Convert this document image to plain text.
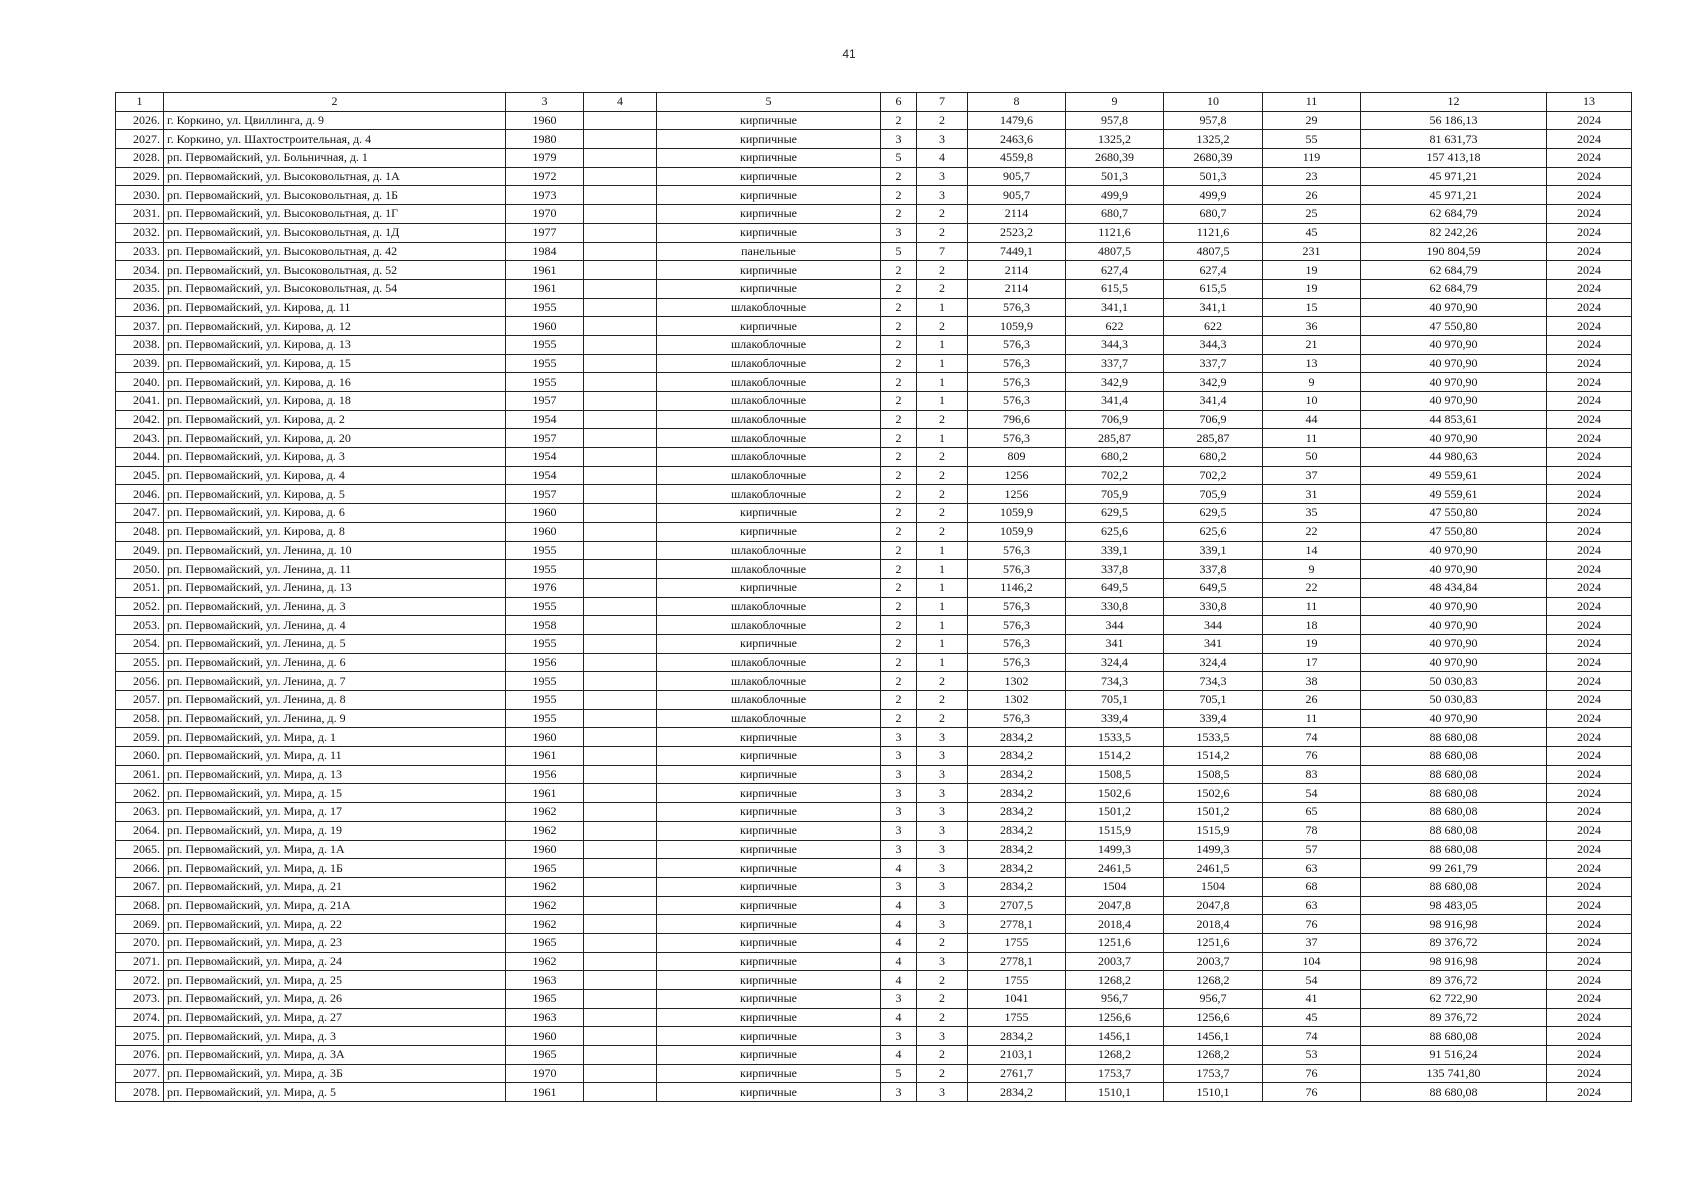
41
1	2	3	4	5	6	7	8	9	10	11	12	13
2026.	г. Коркино, ул. Цвиллинга, д. 9	1960		кирпичные	2	2	1479,6	957,8	957,8	29	56 186,13	2024
2027.	г. Коркино, ул. Шахтостроительная, д. 4	1980		кирпичные	3	3	2463,6	1325,2	1325,2	55	81 631,73	2024
2028.	рп. Первомайский, ул. Больничная, д. 1	1979		кирпичные	5	4	4559,8	2680,39	2680,39	119	157 413,18	2024
2029.	рп. Первомайский, ул. Высоковольтная, д. 1А	1972		кирпичные	2	3	905,7	501,3	501,3	23	45 971,21	2024
2030.	рп. Первомайский, ул. Высоковольтная, д. 1Б	1973		кирпичные	2	3	905,7	499,9	499,9	26	45 971,21	2024
2031.	рп. Первомайский, ул. Высоковольтная, д. 1Г	1970		кирпичные	2	2	2114	680,7	680,7	25	62 684,79	2024
2032.	рп. Первомайский, ул. Высоковольтная, д. 1Д	1977		кирпичные	3	2	2523,2	1121,6	1121,6	45	82 242,26	2024
2033.	рп. Первомайский, ул. Высоковольтная, д. 42	1984		панельные	5	7	7449,1	4807,5	4807,5	231	190 804,59	2024
2034.	рп. Первомайский, ул. Высоковольтная, д. 52	1961		кирпичные	2	2	2114	627,4	627,4	19	62 684,79	2024
2035.	рп. Первомайский, ул. Высоковольтная, д. 54	1961		кирпичные	2	2	2114	615,5	615,5	19	62 684,79	2024
2036.	рп. Первомайский, ул. Кирова, д. 11	1955		шлакоблочные	2	1	576,3	341,1	341,1	15	40 970,90	2024
2037.	рп. Первомайский, ул. Кирова, д. 12	1960		кирпичные	2	2	1059,9	622	622	36	47 550,80	2024
2038.	рп. Первомайский, ул. Кирова, д. 13	1955		шлакоблочные	2	1	576,3	344,3	344,3	21	40 970,90	2024
2039.	рп. Первомайский, ул. Кирова, д. 15	1955		шлакоблочные	2	1	576,3	337,7	337,7	13	40 970,90	2024
2040.	рп. Первомайский, ул. Кирова, д. 16	1955		шлакоблочные	2	1	576,3	342,9	342,9	9	40 970,90	2024
2041.	рп. Первомайский, ул. Кирова, д. 18	1957		шлакоблочные	2	1	576,3	341,4	341,4	10	40 970,90	2024
2042.	рп. Первомайский, ул. Кирова, д. 2	1954		шлакоблочные	2	2	796,6	706,9	706,9	44	44 853,61	2024
2043.	рп. Первомайский, ул. Кирова, д. 20	1957		шлакоблочные	2	1	576,3	285,87	285,87	11	40 970,90	2024
2044.	рп. Первомайский, ул. Кирова, д. 3	1954		шлакоблочные	2	2	809	680,2	680,2	50	44 980,63	2024
2045.	рп. Первомайский, ул. Кирова, д. 4	1954		шлакоблочные	2	2	1256	702,2	702,2	37	49 559,61	2024
2046.	рп. Первомайский, ул. Кирова, д. 5	1957		шлакоблочные	2	2	1256	705,9	705,9	31	49 559,61	2024
2047.	рп. Первомайский, ул. Кирова, д. 6	1960		кирпичные	2	2	1059,9	629,5	629,5	35	47 550,80	2024
2048.	рп. Первомайский, ул. Кирова, д. 8	1960		кирпичные	2	2	1059,9	625,6	625,6	22	47 550,80	2024
2049.	рп. Первомайский, ул. Ленина, д. 10	1955		шлакоблочные	2	1	576,3	339,1	339,1	14	40 970,90	2024
2050.	рп. Первомайский, ул. Ленина, д. 11	1955		шлакоблочные	2	1	576,3	337,8	337,8	9	40 970,90	2024
2051.	рп. Первомайский, ул. Ленина, д. 13	1976		кирпичные	2	1	1146,2	649,5	649,5	22	48 434,84	2024
2052.	рп. Первомайский, ул. Ленина, д. 3	1955		шлакоблочные	2	1	576,3	330,8	330,8	11	40 970,90	2024
2053.	рп. Первомайский, ул. Ленина, д. 4	1958		шлакоблочные	2	1	576,3	344	344	18	40 970,90	2024
2054.	рп. Первомайский, ул. Ленина, д. 5	1955		кирпичные	2	1	576,3	341	341	19	40 970,90	2024
2055.	рп. Первомайский, ул. Ленина, д. 6	1956		шлакоблочные	2	1	576,3	324,4	324,4	17	40 970,90	2024
2056.	рп. Первомайский, ул. Ленина, д. 7	1955		шлакоблочные	2	2	1302	734,3	734,3	38	50 030,83	2024
2057.	рп. Первомайский, ул. Ленина, д. 8	1955		шлакоблочные	2	2	1302	705,1	705,1	26	50 030,83	2024
2058.	рп. Первомайский, ул. Ленина, д. 9	1955		шлакоблочные	2	2	576,3	339,4	339,4	11	40 970,90	2024
2059.	рп. Первомайский, ул. Мира, д. 1	1960		кирпичные	3	3	2834,2	1533,5	1533,5	74	88 680,08	2024
2060.	рп. Первомайский, ул. Мира, д. 11	1961		кирпичные	3	3	2834,2	1514,2	1514,2	76	88 680,08	2024
2061.	рп. Первомайский, ул. Мира, д. 13	1956		кирпичные	3	3	2834,2	1508,5	1508,5	83	88 680,08	2024
2062.	рп. Первомайский, ул. Мира, д. 15	1961		кирпичные	3	3	2834,2	1502,6	1502,6	54	88 680,08	2024
2063.	рп. Первомайский, ул. Мира, д. 17	1962		кирпичные	3	3	2834,2	1501,2	1501,2	65	88 680,08	2024
2064.	рп. Первомайский, ул. Мира, д. 19	1962		кирпичные	3	3	2834,2	1515,9	1515,9	78	88 680,08	2024
2065.	рп. Первомайский, ул. Мира, д. 1А	1960		кирпичные	3	3	2834,2	1499,3	1499,3	57	88 680,08	2024
2066.	рп. Первомайский, ул. Мира, д. 1Б	1965		кирпичные	4	3	2834,2	2461,5	2461,5	63	99 261,79	2024
2067.	рп. Первомайский, ул. Мира, д. 21	1962		кирпичные	3	3	2834,2	1504	1504	68	88 680,08	2024
2068.	рп. Первомайский, ул. Мира, д. 21А	1962		кирпичные	4	3	2707,5	2047,8	2047,8	63	98 483,05	2024
2069.	рп. Первомайский, ул. Мира, д. 22	1962		кирпичные	4	3	2778,1	2018,4	2018,4	76	98 916,98	2024
2070.	рп. Первомайский, ул. Мира, д. 23	1965		кирпичные	4	2	1755	1251,6	1251,6	37	89 376,72	2024
2071.	рп. Первомайский, ул. Мира, д. 24	1962		кирпичные	4	3	2778,1	2003,7	2003,7	104	98 916,98	2024
2072.	рп. Первомайский, ул. Мира, д. 25	1963		кирпичные	4	2	1755	1268,2	1268,2	54	89 376,72	2024
2073.	рп. Первомайский, ул. Мира, д. 26	1965		кирпичные	3	2	1041	956,7	956,7	41	62 722,90	2024
2074.	рп. Первомайский, ул. Мира, д. 27	1963		кирпичные	4	2	1755	1256,6	1256,6	45	89 376,72	2024
2075.	рп. Первомайский, ул. Мира, д. 3	1960		кирпичные	3	3	2834,2	1456,1	1456,1	74	88 680,08	2024
2076.	рп. Первомайский, ул. Мира, д. 3А	1965		кирпичные	4	2	2103,1	1268,2	1268,2	53	91 516,24	2024
2077.	рп. Первомайский, ул. Мира, д. 3Б	1970		кирпичные	5	2	2761,7	1753,7	1753,7	76	135 741,80	2024
2078.	рп. Первомайский, ул. Мира, д. 5	1961		кирпичные	3	3	2834,2	1510,1	1510,1	76	88 680,08	2024
